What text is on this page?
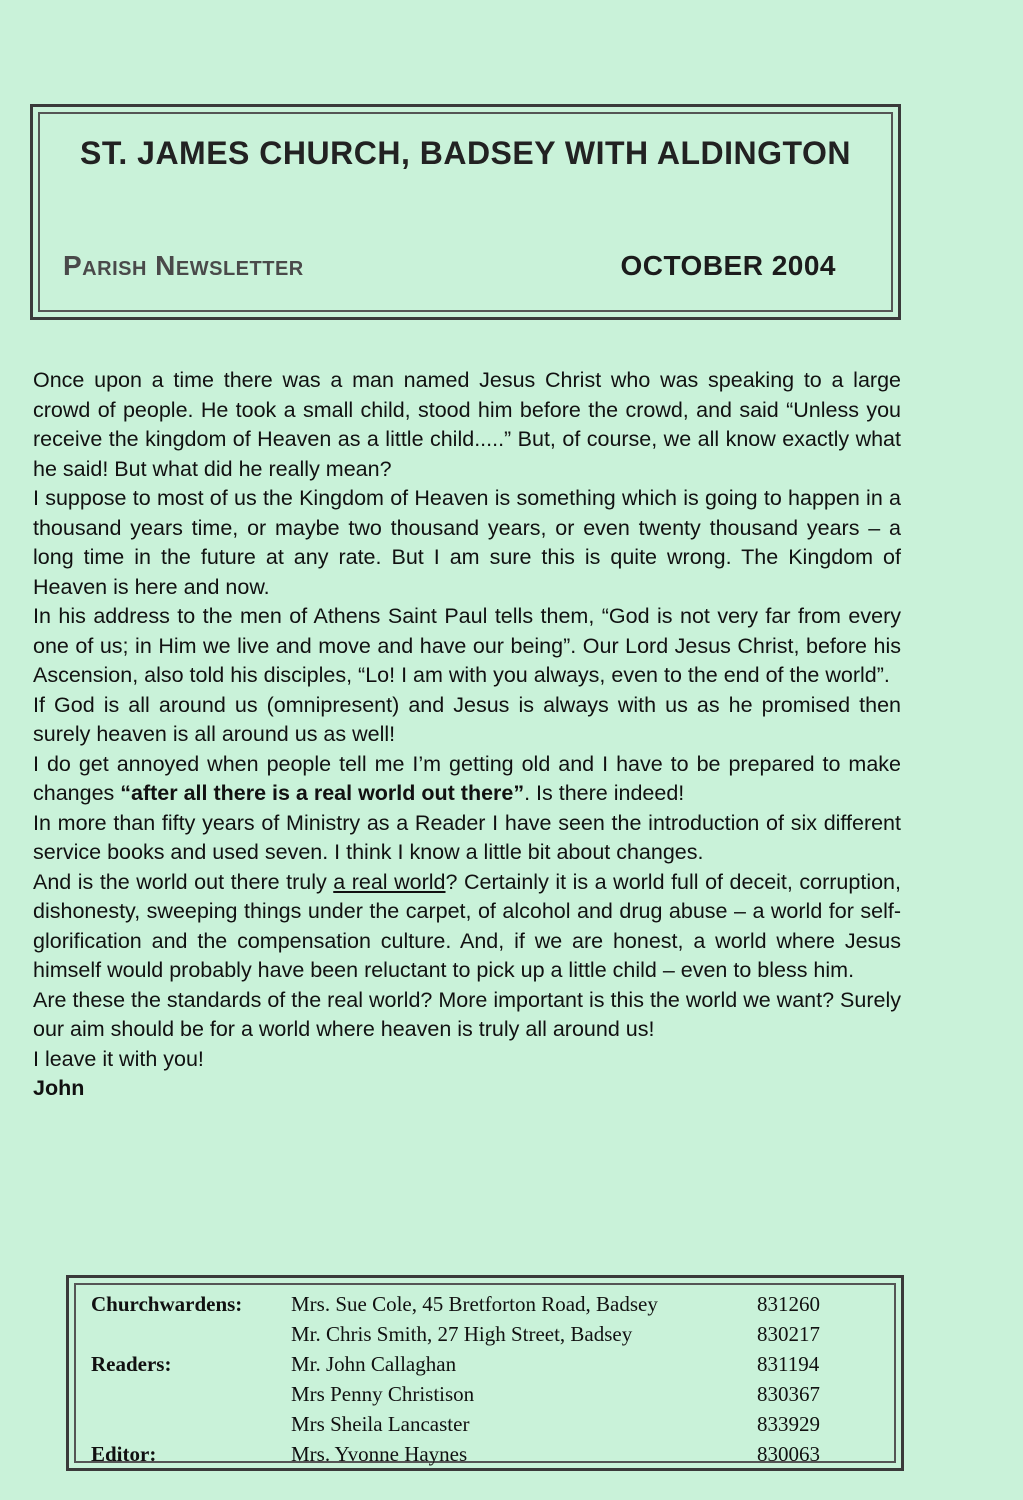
ST. JAMES CHURCH, BADSEY WITH ALDINGTON
Parish Newsletter	OCTOBER 2004

Once upon a time there was a man named Jesus Christ who was speaking to a large crowd of people. He took a small child, stood him before the crowd, and said “Unless you receive the kingdom of Heaven as a little child.....” But, of course, we all know exactly what he said! But what did he really mean?

I suppose to most of us the Kingdom of Heaven is something which is going to happen in a thousand years time, or maybe two thousand years, or even twenty thousand years – a long time in the future at any rate. But I am sure this is quite wrong. The Kingdom of Heaven is here and now.

In his address to the men of Athens Saint Paul tells them, “God is not very far from every one of us; in Him we live and move and have our being”. Our Lord Jesus Christ, before his Ascension, also told his disciples, “Lo! I am with you always, even to the end of the world”.

If God is all around us (omnipresent) and Jesus is always with us as he promised then surely heaven is all around us as well!

I do get annoyed when people tell me I’m getting old and I have to be prepared to make changes “after all there is a real world out there”. Is there indeed!

In more than fifty years of Ministry as a Reader I have seen the introduction of six different service books and used seven. I think I know a little bit about changes.

And is the world out there truly a real world? Certainly it is a world full of deceit, corruption, dishonesty, sweeping things under the carpet, of alcohol and drug abuse – a world for self-glorification and the compensation culture. And, if we are honest, a world where Jesus himself would probably have been reluctant to pick up a little child – even to bless him.

Are these the standards of the real world? More important is this the world we want? Surely our aim should be for a world where heaven is truly all around us!

I leave it with you!

John

Churchwardens:	Mrs. Sue Cole, 45 Bretforton Road, Badsey	831260
	Mr. Chris Smith, 27 High Street, Badsey	830217
Readers:	Mr. John Callaghan	831194
	Mrs Penny Christison	830367
	Mrs Sheila Lancaster	833929
Editor:	Mrs. Yvonne Haynes	830063
